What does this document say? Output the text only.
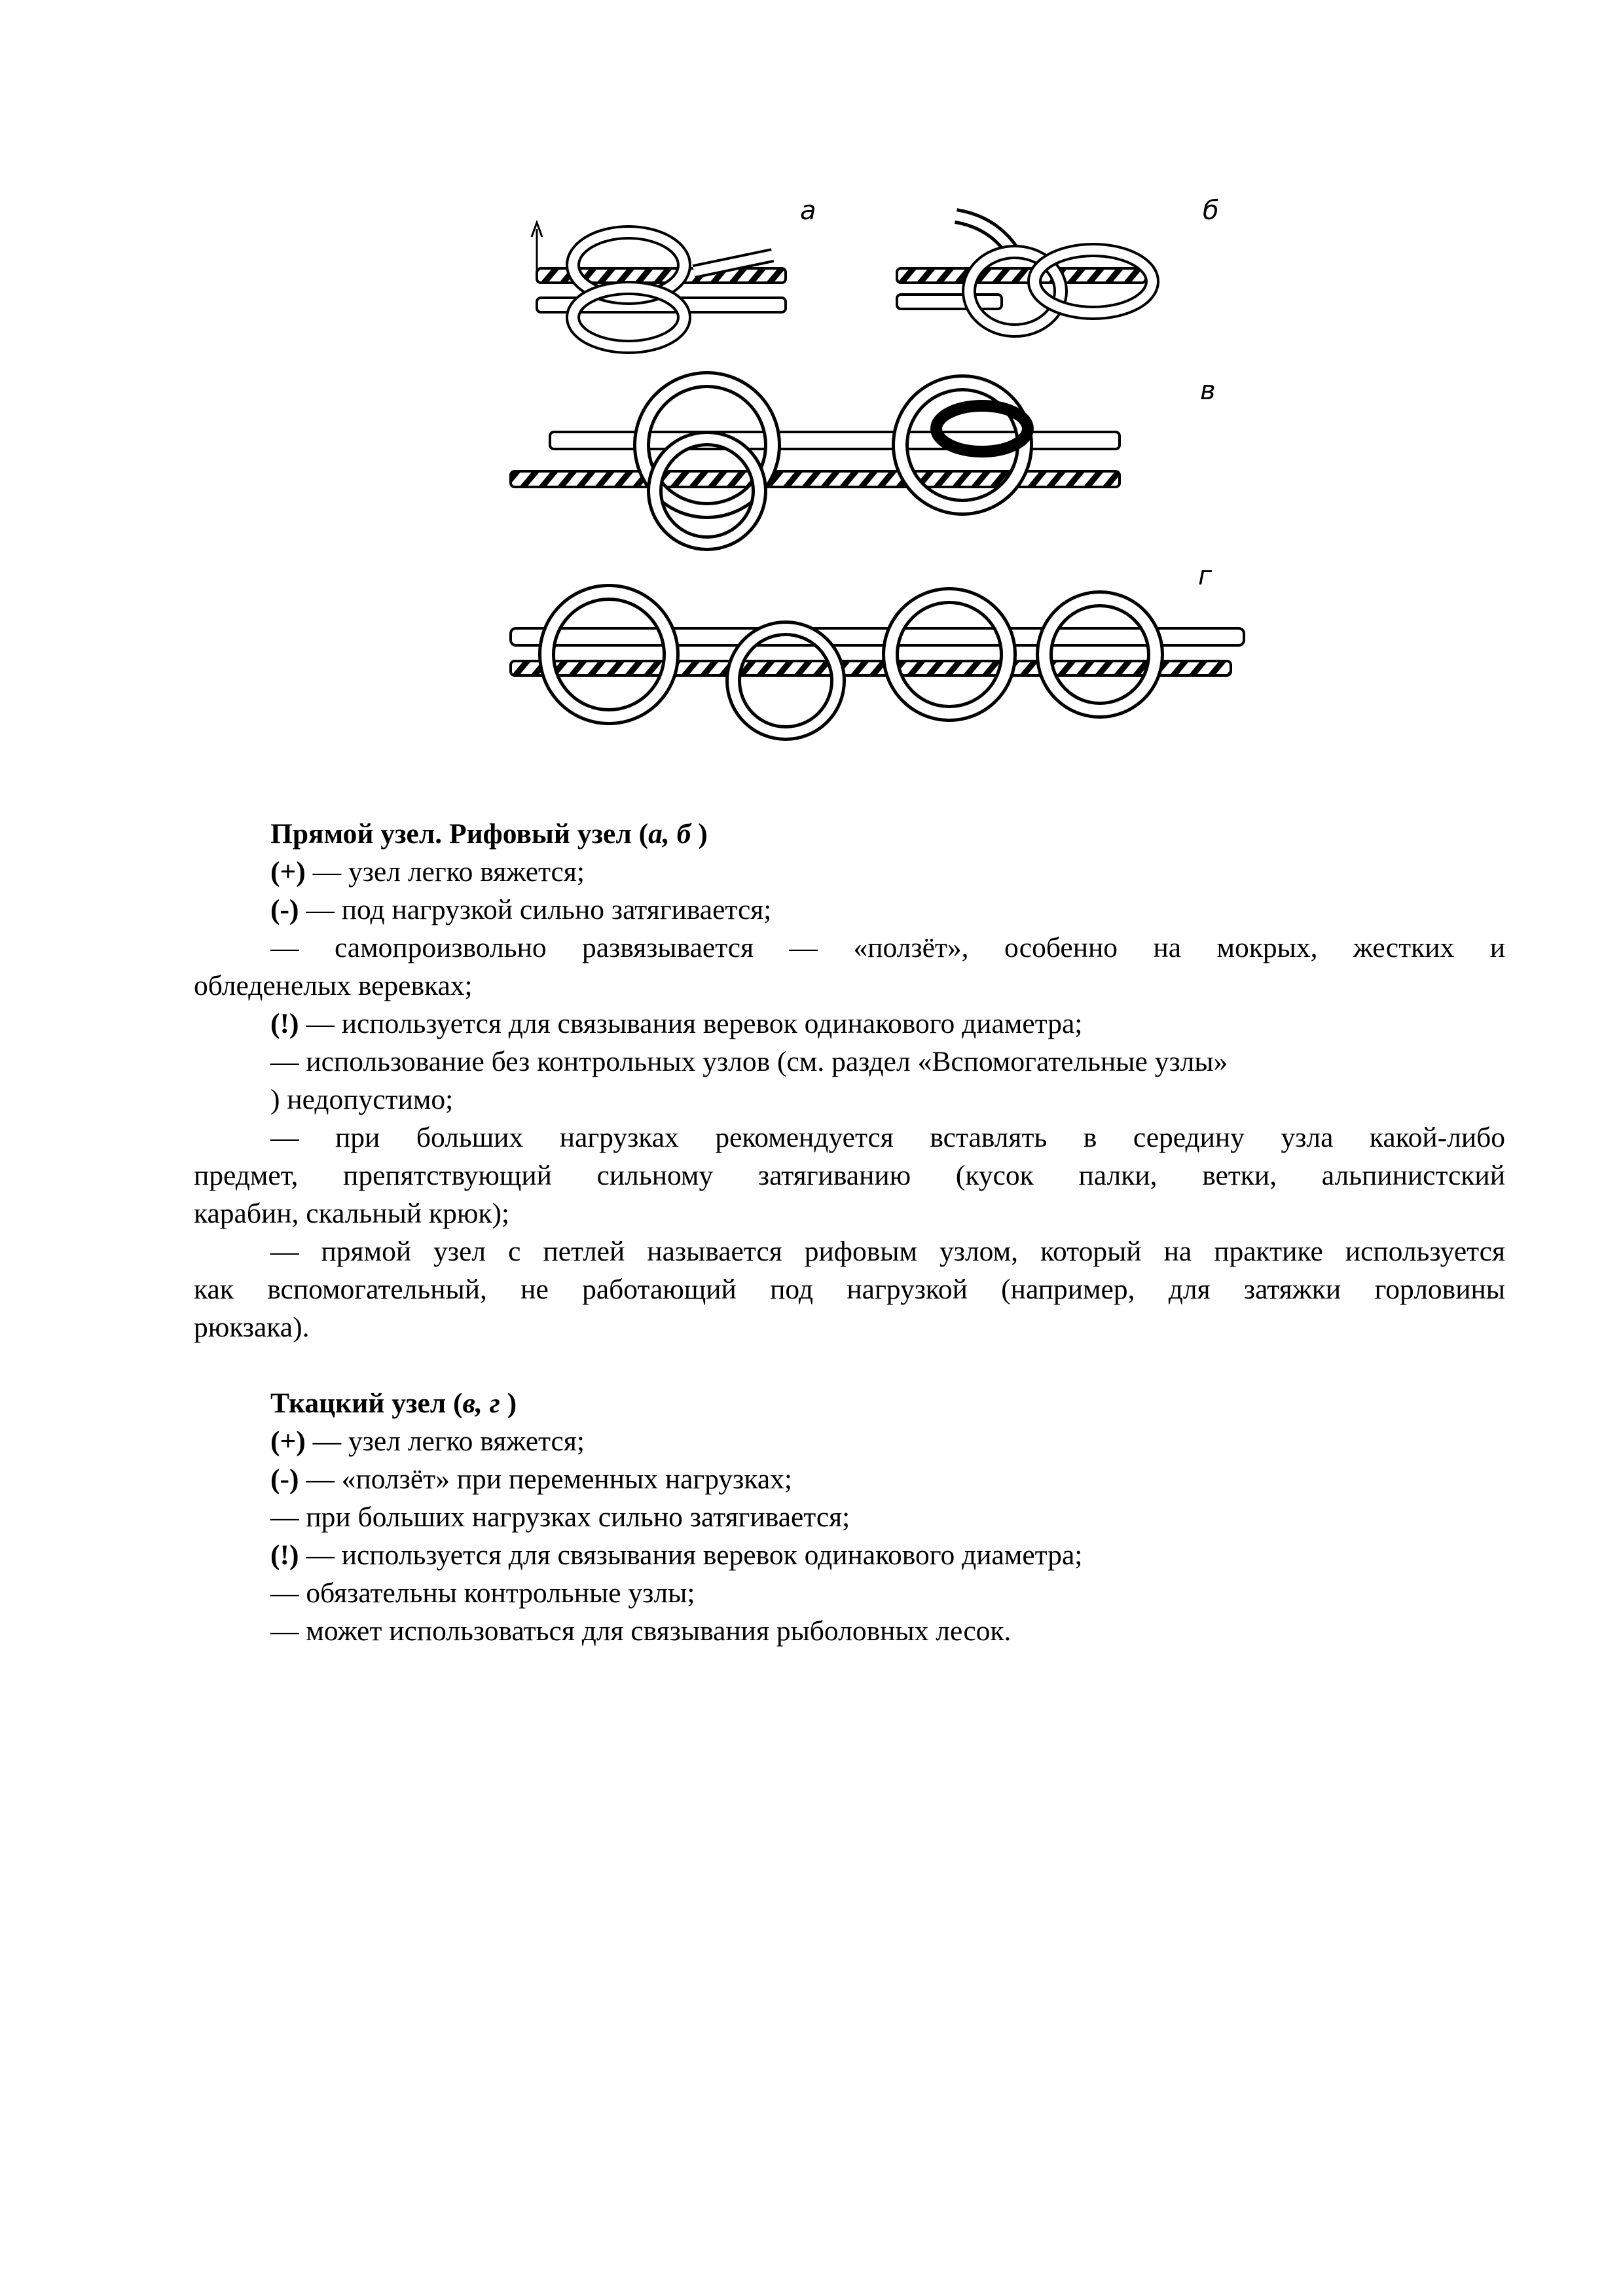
а	б
в
г
Прямой узел. Рифовый узел (а, б )
(+) — узел легко вяжется;
(-) — под нагрузкой сильно затягивается;
— самопроизвольно развязывается — «ползёт», особенно на мокрых, жестких и
обледенелых веревках;
(!) — используется для связывания веревок одинакового диаметра;
— использование без контрольных узлов (см. раздел «Вспомогательные узлы»
) недопустимо;
— при больших нагрузках рекомендуется вставлять в середину узла какой-либо
предмет, препятствующий сильному затягиванию (кусок палки, ветки, альпинистский
карабин, скальный крюк);
— прямой узел с петлей называется рифовым узлом, который на практике используется
как вспомогательный, не работающий под нагрузкой (например, для затяжки горловины
рюкзака).
Ткацкий узел (в, г )
(+) — узел легко вяжется;
(-) — «ползёт» при переменных нагрузках;
— при больших нагрузках сильно затягивается;
(!) — используется для связывания веревок одинакового диаметра;
— обязательны контрольные узлы;
— может использоваться для связывания рыболовных лесок.
